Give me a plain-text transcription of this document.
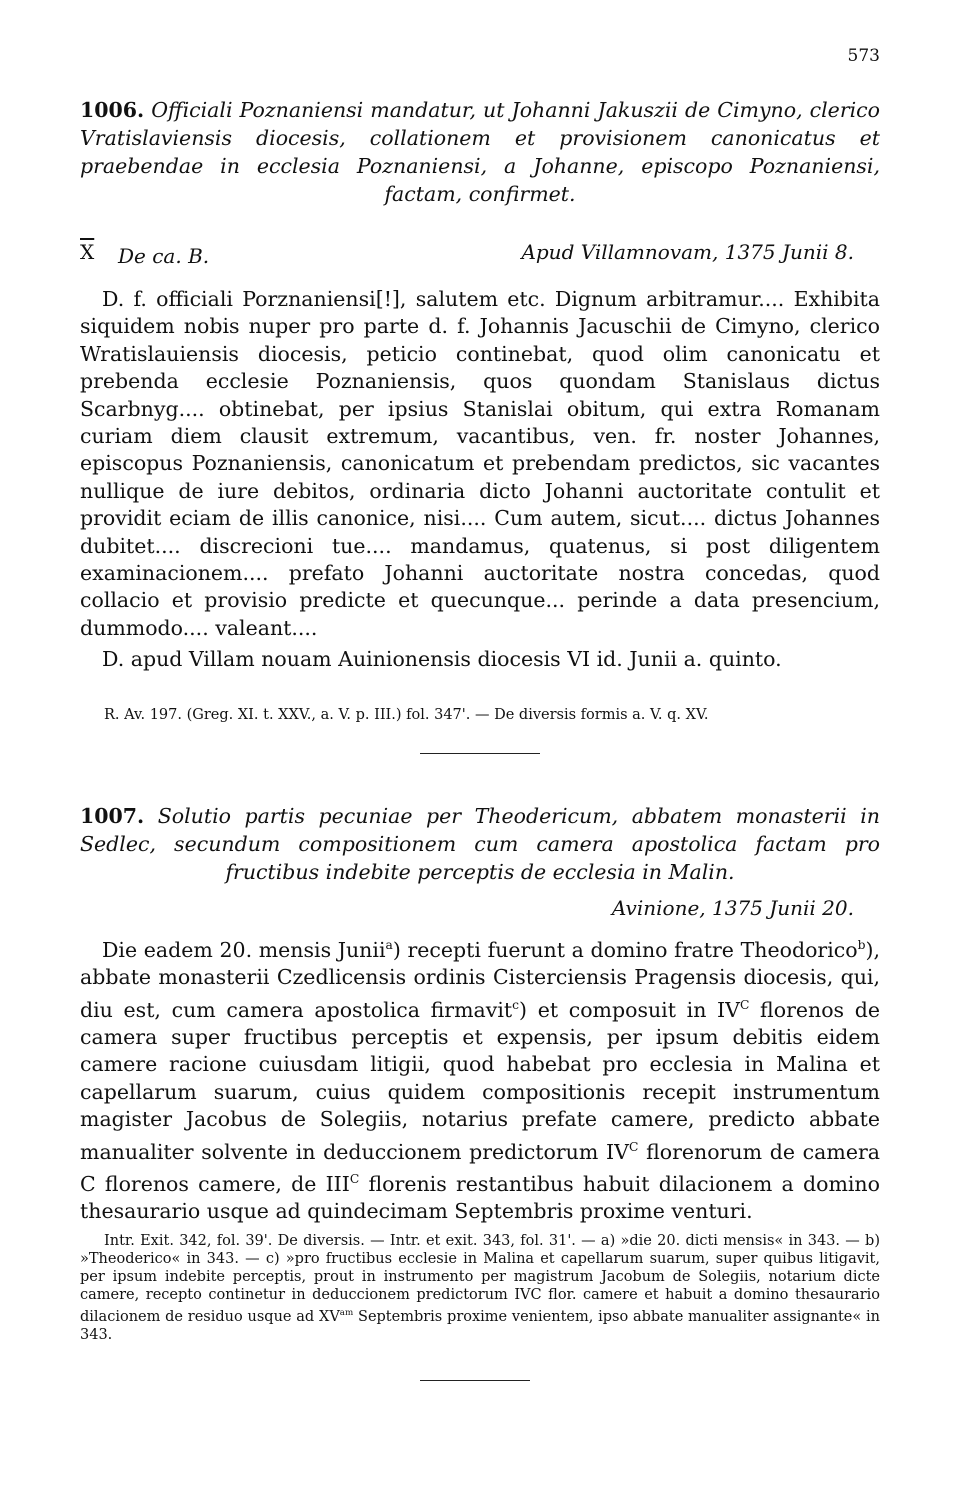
573
1006. Officiali Poznaniensi mandatur, ut Johanni Jakuszii de Cimyno, clerico Vratislaviensis diocesis, collationem et provisionem canonicatus et praebendae in ecclesia Poznaniensi, a Johanne, episcopo Poznaniensi, factam, confirmet.
$\overline{X}$ De ca. B.	Apud Villamnovam, 1375 Junii 8.

D. f. officiali Porznaniensi[!], salutem etc. Dignum arbitramur.... Exhibita siquidem nobis nuper pro parte d. f. Johannis Jacuschii de Cimyno, clerico Wratislauiensis diocesis, peticio continebat, quod olim canonicatu et prebenda ecclesie Poznaniensis, quos quondam Stanislaus dictus Scarbnyg.... obtinebat, per ipsius Stanislai obitum, qui extra Romanam curiam diem clausit extremum, vacantibus, ven. fr. noster Johannes, episcopus Poznaniensis, canonicatum et prebendam predictos, sic vacantes nullique de iure debitos, ordinaria dicto Johanni auctoritate contulit et providit eciam de illis canonice, nisi.... Cum autem, sicut.... dictus Johannes dubitet.... discrecioni tue.... mandamus, quatenus, si post diligentem examinacionem.... prefato Johanni auctoritate nostra concedas, quod collacio et provisio predicte et quecunque... perinde a data presencium, dummodo.... valeant....

D. apud Villam nouam Auinionensis diocesis VI id. Junii a. quinto.

R. Av. 197. (Greg. XI. t. XXV., a. V. p. III.) fol. 347'. — De diversis formis a. V. q. XV.
1007. Solutio partis pecuniae per Theodericum, abbatem monasterii in Sedlec, secundum compositionem cum camera apostolica factam pro fructibus indebite perceptis de ecclesia in Malin.
Avinione, 1375 Junii 20.

Die eadem 20. mensis Junii$^a$) recepti fuerunt a domino fratre Theodorico$^b$), abbate monasterii Czedlicensis ordinis Cisterciensis Pragensis diocesis, qui, diu est, cum camera apostolica firmavit$^c$) et composuit in $IV^C$ florenos de camera super fructibus perceptis et expensis, per ipsum debitis eidem camere racione cuiusdam litigii, quod habebat pro ecclesia in Malina et capellarum suarum, cuius quidem compositionis recepit instrumentum magister Jacobus de Solegiis, notarius prefate camere, predicto abbate manualiter solvente in deduccionem predictorum $IV^C$ florenorum de camera C florenos camere, de $III^C$ florenis restantibus habuit dilacionem a domino thesaurario usque ad quindecimam Septembris proxime venturi.

Intr. Exit. 342, fol. 39'. De diversis. — Intr. et exit. 343, fol. 31'. — a) »die 20. dicti mensis« in 343. — b) »Theoderico« in 343. — c) »pro fructibus ecclesie in Malina et capellarum suarum, super quibus litigavit, per ipsum indebite perceptis, prout in instrumento per magistrum Jacobum de Solegiis, notarium dicte camere, recepto continetur in deduccionem predictorum IVC flor. camere et habuit a domino thesaurario dilacionem de residuo usque ad $XV^{am}$ Septembris proxime venientem, ipso abbate manualiter assignante« in 343.
